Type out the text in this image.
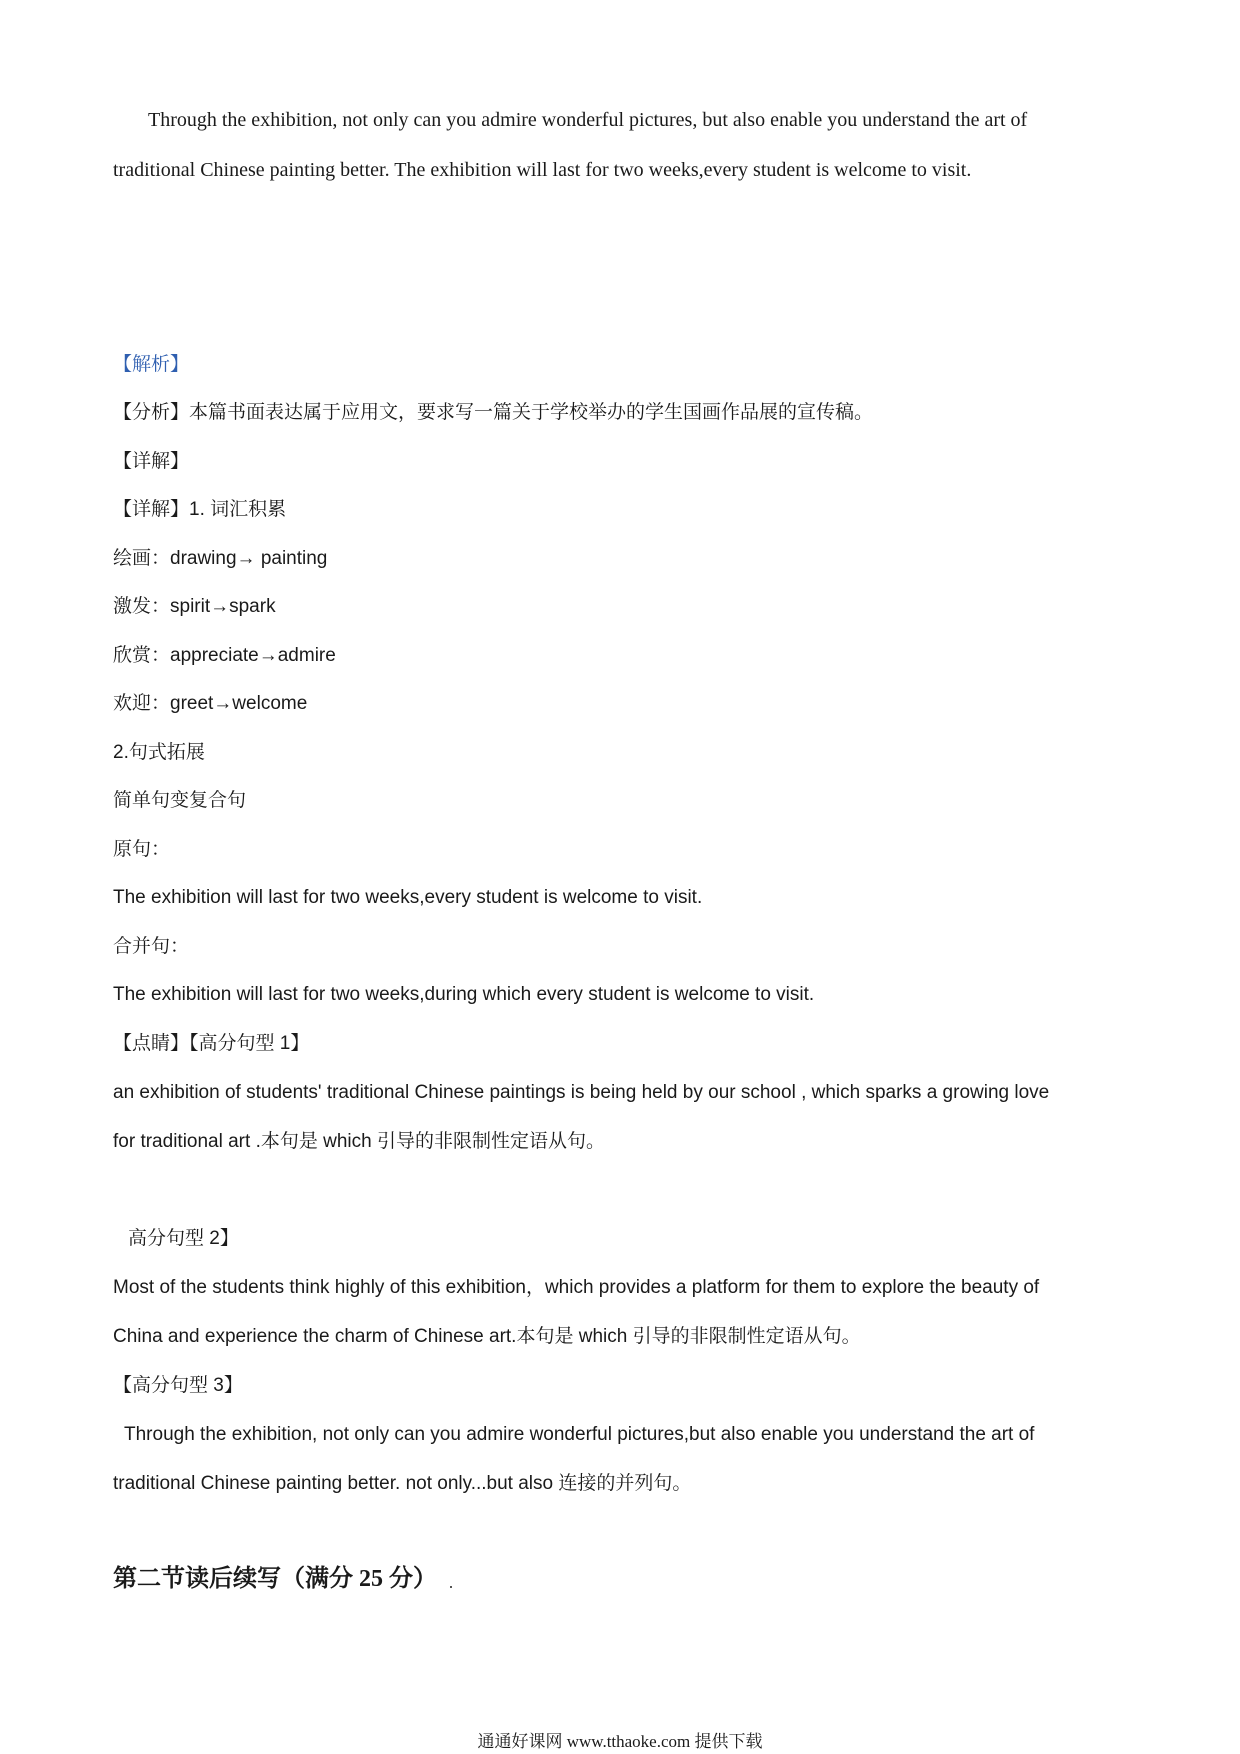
Through the exhibition, not only can you admire wonderful pictures, but also enable you understand the art of
traditional Chinese painting better. The exhibition will last for two weeks,every student is welcome to visit.
【解析】
【分析】本篇书面表达属于应用文，要求写一篇关于学校举办的学生国画作品展的宣传稿。
【详解】
【详解】1. 词汇积累
绘画：drawing→ painting
激发：spirit→spark
欣赏：appreciate→admire
欢迎：greet→welcome
2.句式拓展
简单句变复合句
原句：
The exhibition will last for two weeks,every student is welcome to visit.
合并句：
The exhibition will last for two weeks,during which every student is welcome to visit.
【点睛】【高分句型 1】
an exhibition of students' traditional Chinese paintings is being held by our school , which sparks a growing love
for traditional art .本句是 which 引导的非限制性定语从句。
高分句型 2】
Most of the students think highly of this exhibition，which provides a platform for them to explore the beauty of
China and experience the charm of Chinese art.本句是 which 引导的非限制性定语从句。
【高分句型 3】
Through the exhibition, not only can you admire wonderful pictures,but also enable you understand the art of
traditional Chinese painting better. not only...but also 连接的并列句。
第二节读后续写（满分 25 分）
通通好课网 www.tthaoke.com 提供下载
